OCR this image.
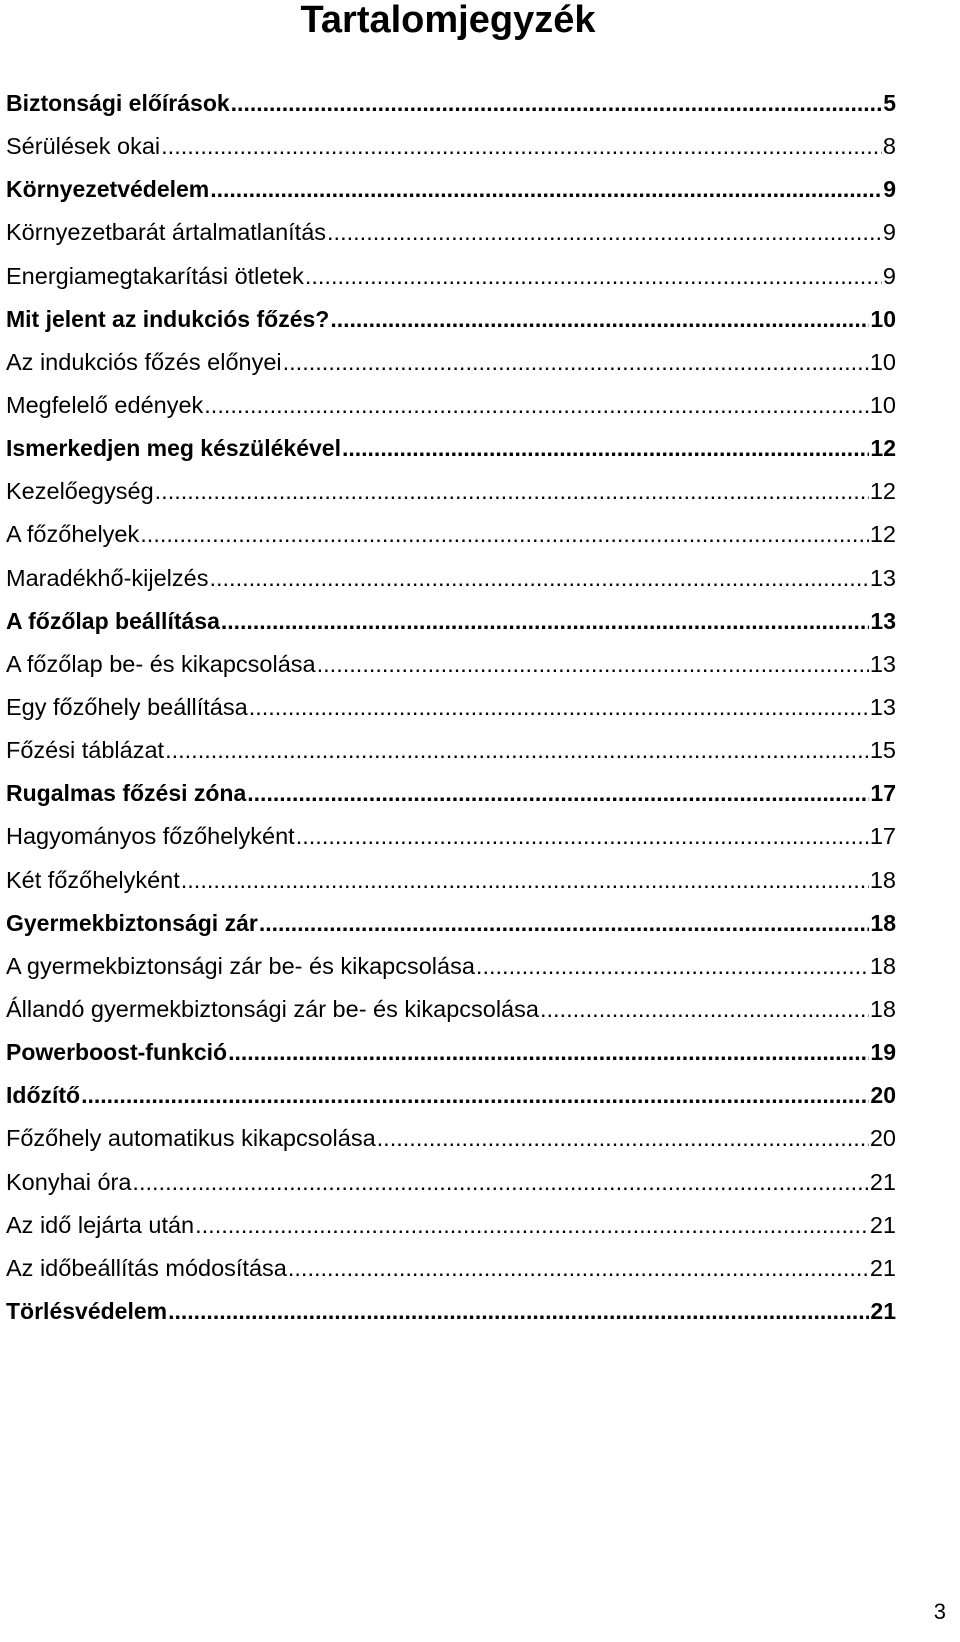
Tartalomjegyzék
Biztonsági előírások .....	5
Sérülések okai .....	8
Környezetvédelem .....	9
Környezetbarát ártalmatlanítás .....	9
Energiamegtakarítási ötletek .....	9
Mit jelent az indukciós főzés? .....	10
Az indukciós főzés előnyei .....	10
Megfelelő edények .....	10
Ismerkedjen meg készülékével .....	12
Kezelőegység .....	12
A főzőhelyek .....	12
Maradékhő-kijelzés .....	13
A főzőlap beállítása .....	13
A főzőlap be- és kikapcsolása .....	13
Egy főzőhely beállítása .....	13
Főzési táblázat .....	15
Rugalmas főzési zóna .....	17
Hagyományos főzőhelyként .....	17
Két főzőhelyként .....	18
Gyermekbiztonsági zár .....	18
A gyermekbiztonsági zár be- és kikapcsolása .....	18
Állandó gyermekbiztonsági zár be- és kikapcsolása .....	18
Powerboost-funkció .....	19
Időzítő .....	20
Főzőhely automatikus kikapcsolása .....	20
Konyhai óra .....	21
Az idő lejárta után .....	21
Az időbeállítás módosítása .....	21
Törlésvédelem .....	21
3
